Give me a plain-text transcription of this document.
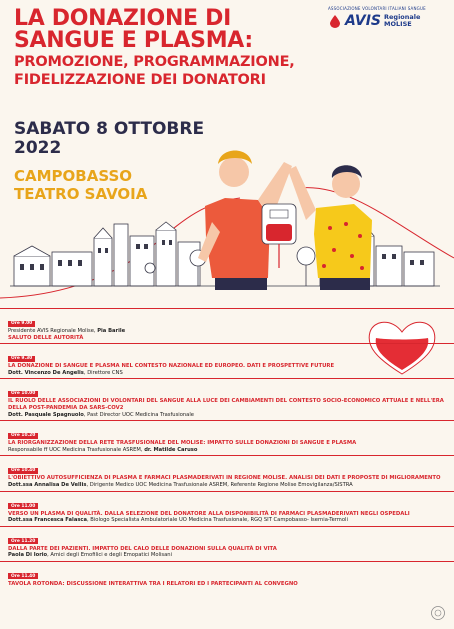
ASSOCIAZIONE VOLONTARI ITALIANI SANGUE
AVIS Regionale
MOLISE
LA DONAZIONE DI
SANGUE E PLASMA:
PROMOZIONE, PROGRAMMAZIONE,
FIDELIZZAZIONE DEI DONATORI
SABATO 8 OTTOBRE
2022
CAMPOBASSO
TEATRO SAVOIA
Ore 9.00
Presidente AVIS Regionale Molise, Pia Barile
SALUTO DELLE AUTORITÀ
Ore 9.30
LA DONAZIONE DI SANGUE E PLASMA NEL CONTESTO NAZIONALE ED EUROPEO. DATI E PROSPETTIVE FUTURE
Dott. Vincenzo De Angelis, Direttore CNS
Ore 10.00
IL RUOLO DELLE ASSOCIAZIONI DI VOLONTARI DEL SANGUE ALLA LUCE DEI CAMBIAMENTI DEL CONTESTO SOCIO-ECONOMICO ATTUALE E NELL'ERA DELLA POST-PANDEMIA DA SARS-COV2
Dott. Pasquale Spagnuolo, Past Director UOC Medicina Trasfusionale
Ore 10.20
LA RIORGANIZZAZIONE DELLA RETE TRASFUSIONALE DEL MOLISE: IMPATTO SULLE DONAZIONI DI SANGUE E PLASMA
Responsabile ff UOC Medicina Trasfusionale ASREM, dr. Matilde Caruso
Ore 10.40
L'OBIETTIVO AUTOSUFFICIENZA DI PLASMA E FARMACI PLASMADERIVATI IN REGIONE MOLISE. ANALISI DEI DATI E PROPOSTE DI MIGLIORAMENTO
Dott.ssa Annalisa De Vellis, Dirigente Medico UOC Medicina Trasfusionale ASREM, Referente Regione Molise Emovigilanza/SISTRA
Ore 11.00
VERSO UN PLASMA DI QUALITÀ. DALLA SELEZIONE DEL DONATORE ALLA DISPONIBILITÀ DI FARMACI PLASMADERIVATI NEGLI OSPEDALI
Dott.ssa Francesca Falasca, Biologo Specialista Ambulatoriale UO Medicina Trasfusionale, RGQ SIT Campobasso- Isernia-Termoli
Ore 11.20
DALLA PARTE DEI PAZIENTI. IMPATTO DEL CALO DELLE DONAZIONI SULLA QUALITÀ DI VITA
Paola Di Iorio, Amici degli Emofilici e degli Emopatici Molisani
Ore 11.40
TAVOLA ROTONDA: DISCUSSIONE INTERATTIVA TRA I RELATORI ED I PARTECIPANTI AL CONVEGNO
